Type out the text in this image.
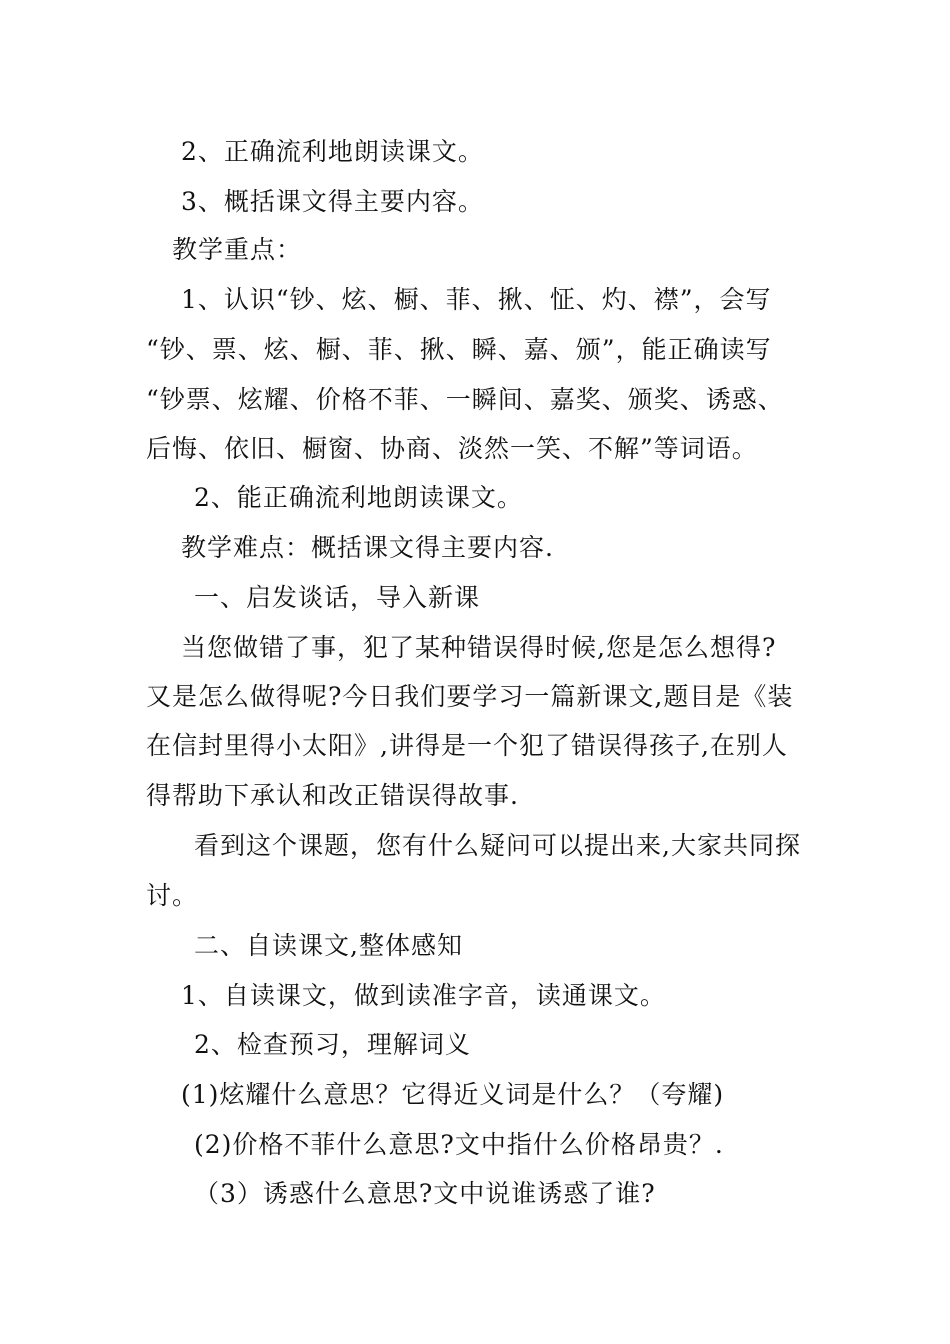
2、正确流利地朗读课文。
3、概括课文得主要内容。
教学重点：
1、认识“钞、炫、橱、菲、揪、怔、灼、襟”，会写
“钞、票、炫、橱、菲、揪、瞬、嘉、颁”，能正确读写
“钞票、炫耀、价格不菲、一瞬间、嘉奖、颁奖、诱惑、
后悔、依旧、橱窗、协商、淡然一笑、不解”等词语。
2、能正确流利地朗读课文。
教学难点：概括课文得主要内容.
一、启发谈话，导入新课
当您做错了事，犯了某种错误得时候,您是怎么想得?
又是怎么做得呢?今日我们要学习一篇新课文,题目是《装
在信封里得小太阳》,讲得是一个犯了错误得孩子,在别人
得帮助下承认和改正错误得故事.
看到这个课题，您有什么疑问可以提出来,大家共同探
讨。
二、自读课文,整体感知
1、自读课文，做到读准字音，读通课文。
2、检查预习，理解词义
(1)炫耀什么意思？它得近义词是什么？（夸耀)
(2)价格不菲什么意思?文中指什么价格昂贵？.
（3）诱惑什么意思?文中说谁诱惑了谁?
